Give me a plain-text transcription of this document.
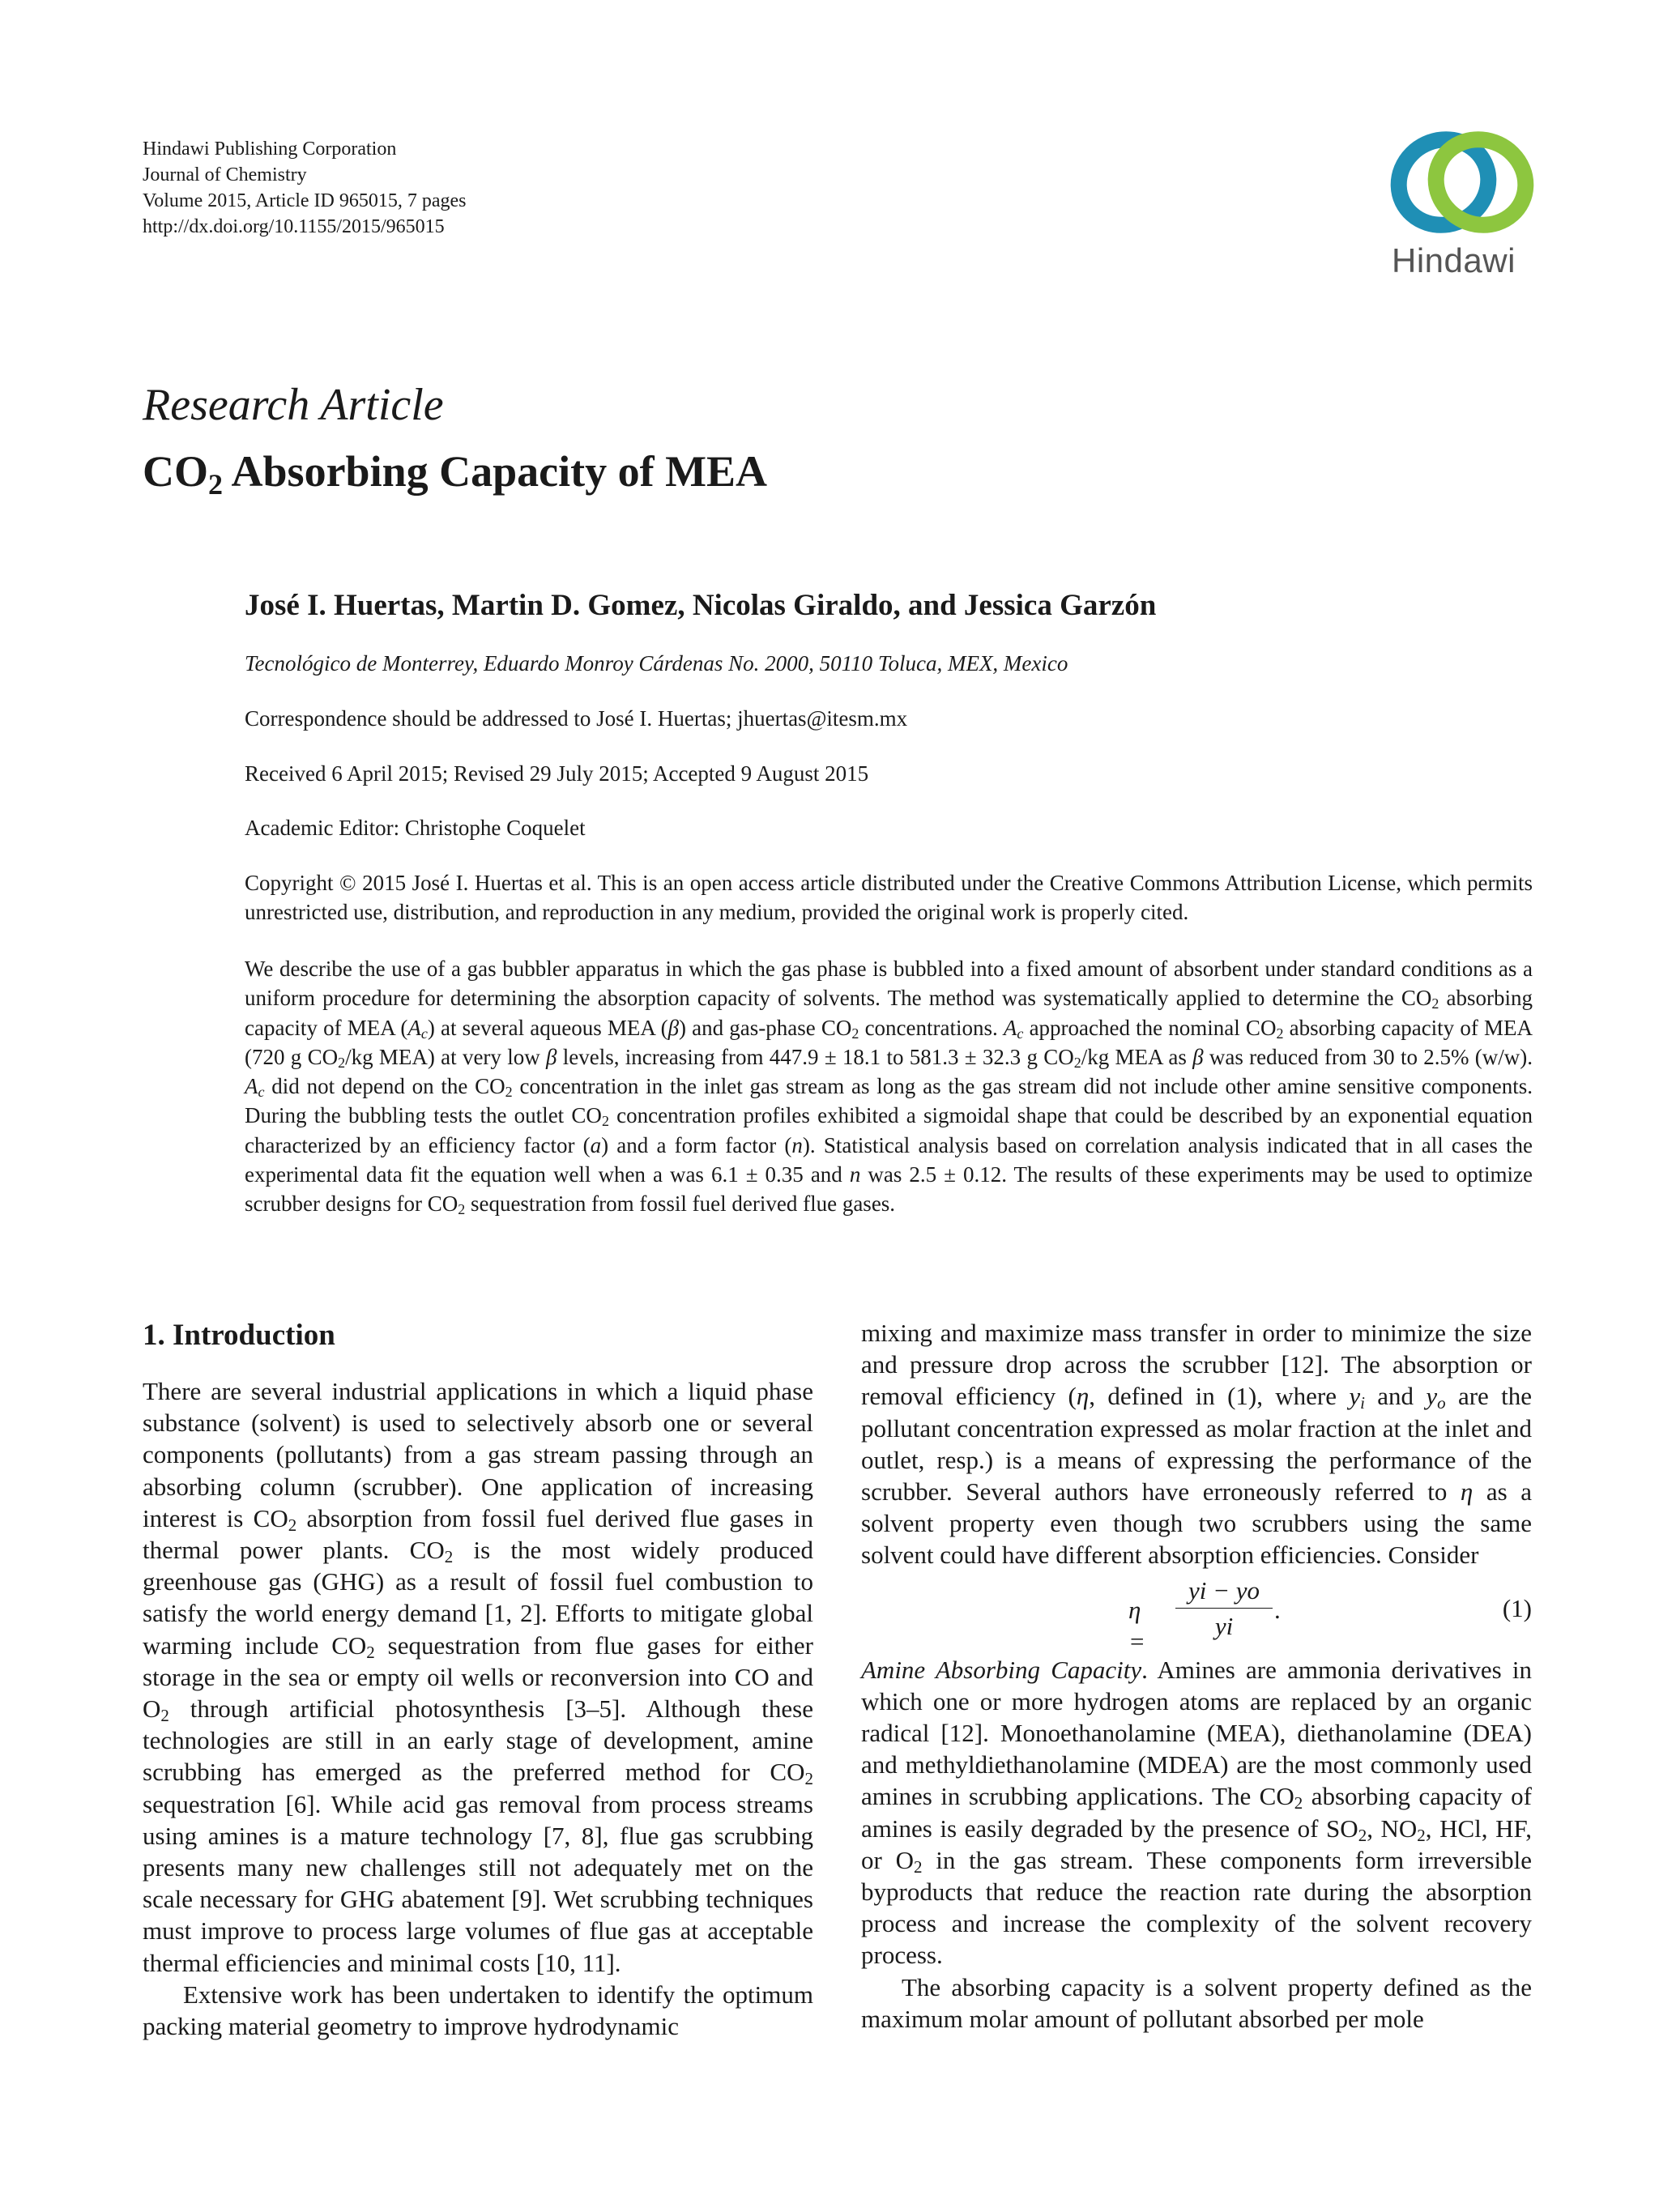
Hindawi Publishing Corporation
Journal of Chemistry
Volume 2015, Article ID 965015, 7 pages
http://dx.doi.org/10.1155/2015/965015
Hindawi
Research Article
$CO_2$ Absorbing Capacity of MEA
José I. Huertas, Martin D. Gomez, Nicolas Giraldo, and Jessica Garzón
Tecnológico de Monterrey, Eduardo Monroy Cárdenas No. 2000, 50110 Toluca, MEX, Mexico
Correspondence should be addressed to José I. Huertas; jhuertas@itesm.mx
Received 6 April 2015; Revised 29 July 2015; Accepted 9 August 2015
Academic Editor: Christophe Coquelet
Copyright © 2015 José I. Huertas et al. This is an open access article distributed under the Creative Commons Attribution License, which permits unrestricted use, distribution, and reproduction in any medium, provided the original work is properly cited.
We describe the use of a gas bubbler apparatus in which the gas phase is bubbled into a fixed amount of absorbent under standard conditions as a uniform procedure for determining the absorption capacity of solvents. The method was systematically applied to determine the $CO_2$ absorbing capacity of MEA $(A_c)$ at several aqueous MEA (β) and gas-phase $CO_2$ concentrations. $A_c$ approached the nominal $CO_2$ absorbing capacity of MEA (720 g $CO_2/kg$ MEA) at very low β levels, increasing from 447.9 ± 18.1 to 581.3 ± 32.3 g $CO_2/kg$ MEA as β was reduced from 30 to 2.5% (w/w). $A_c$ did not depend on the $CO_2$ concentration in the inlet gas stream as long as the gas stream did not include other amine sensitive components. During the bubbling tests the outlet $CO_2$ concentration profiles exhibited a sigmoidal shape that could be described by an exponential equation characterized by an efficiency factor (a) and a form factor (n). Statistical analysis based on correlation analysis indicated that in all cases the experimental data fit the equation well when a was 6.1 ± 0.35 and n was 2.5 ± 0.12. The results of these experiments may be used to optimize scrubber designs for $CO_2$ sequestration from fossil fuel derived flue gases.
1. Introduction

There are several industrial applications in which a liquid phase substance (solvent) is used to selectively absorb one or several components (pollutants) from a gas stream passing through an absorbing column (scrubber). One application of increasing interest is $CO_2$ absorption from fossil fuel derived flue gases in thermal power plants. $CO_2$ is the most widely produced greenhouse gas (GHG) as a result of fossil fuel combustion to satisfy the world energy demand [1, 2]. Efforts to mitigate global warming include $CO_2$ sequestration from flue gases for either storage in the sea or empty oil wells or reconversion into CO and $O_2$ through artificial photosynthesis [3–5]. Although these technologies are still in an early stage of development, amine scrubbing has emerged as the preferred method for $CO_2$ sequestration [6]. While acid gas removal from process streams using amines is a mature technology [7, 8], flue gas scrubbing presents many new challenges still not adequately met on the scale necessary for GHG abatement [9]. Wet scrubbing techniques must improve to process large volumes of flue gas at acceptable thermal efficiencies and minimal costs [10, 11].

Extensive work has been undertaken to identify the optimum packing material geometry to improve hydrodynamic

mixing and maximize mass transfer in order to minimize the size and pressure drop across the scrubber [12]. The absorption or removal efficiency (η, defined in (1), where $y_i$ and $y_o$ are the pollutant concentration expressed as molar fraction at the inlet and outlet, resp.) is a means of expressing the performance of the scrubber. Several authors have erroneously referred to η as a solvent property even though two scrubbers using the same solvent could have different absorption efficiencies. Consider

$\eta = \frac{yi - yo}{yi}$ .	(1)

Amine Absorbing Capacity. Amines are ammonia derivatives in which one or more hydrogen atoms are replaced by an organic radical [12]. Monoethanolamine (MEA), diethanolamine (DEA) and methyldiethanolamine (MDEA) are the most commonly used amines in scrubbing applications. The $CO_2$ absorbing capacity of amines is easily degraded by the presence of $SO_2$, $NO_2$, HCl, HF, or $O_2$ in the gas stream. These components form irreversible byproducts that reduce the reaction rate during the absorption process and increase the complexity of the solvent recovery process.

The absorbing capacity is a solvent property defined as the maximum molar amount of pollutant absorbed per mole
